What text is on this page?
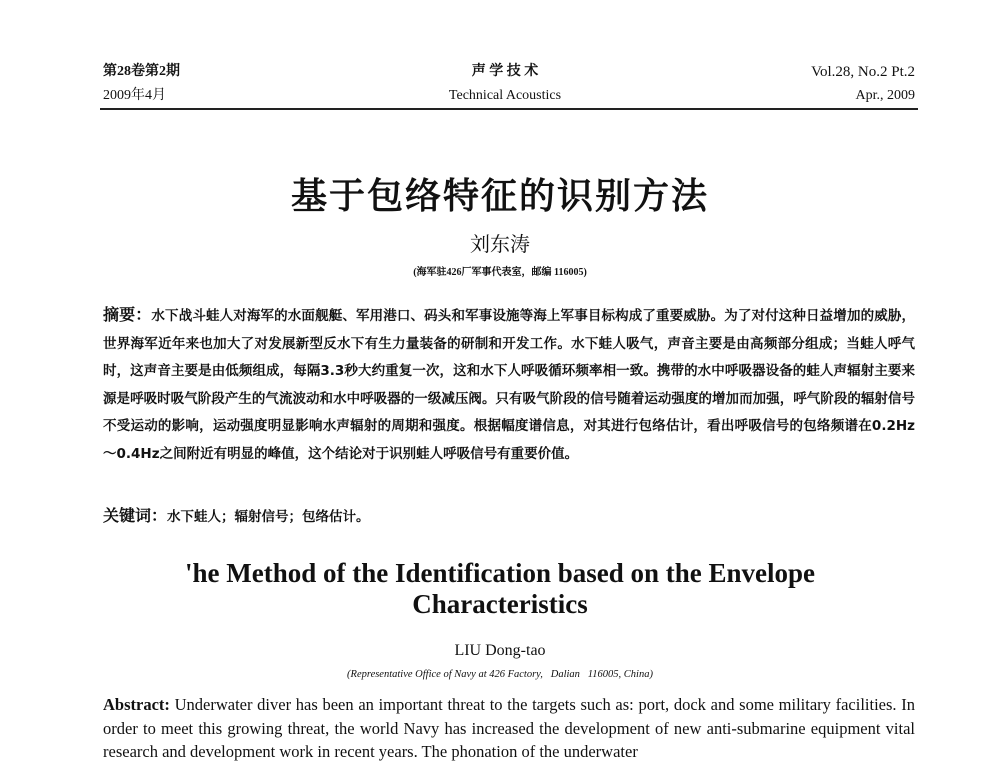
第28卷第2期
2009年4月
声 学 技 术
Technical Acoustics
Vol.28, No.2 Pt.2
Apr., 2009
基于包络特征的识别方法
刘东涛
(海军驻426厂军事代表室，邮编 116005)
摘要：水下战斗蛙人对海军的水面舰艇、军用港口、码头和军事设施等海上军事目标构成了重要威胁。为了对付这种日益增加的威胁，世界海军近年来也加大了对发展新型反水下有生力量装备的研制和开发工作。水下蛙人吸气，声音主要是由高频部分组成；当蛙人呼气时，这声音主要是由低频组成，每隔3.3秒大约重复一次，这和水下人呼吸循环频率相一致。携带的水中呼吸器设备的蛙人声辐射主要来源是呼吸时吸气阶段产生的气流波动和水中呼吸器的一级减压阀。只有吸气阶段的信号随着运动强度的增加而加强，呼气阶段的辐射信号不受运动的影响，运动强度明显影响水声辐射的周期和强度。根据幅度谱信息，对其进行包络估计，看出呼吸信号的包络频谱在0.2Hz～0.4Hz之间附近有明显的峰值，这个结论对于识别蛙人呼吸信号有重要价值。
关键词：水下蛙人；辐射信号；包络估计。
'he Method of the Identification based on the Envelope
Characteristics
LIU Dong-tao
(Representative Office of Navy at 426 Factory,   Dalian   116005, China)
Abstract: Underwater diver has been an important threat to the targets such as: port, dock and some military facilities. In order to meet this growing threat, the world Navy has increased the development of new anti-submarine equipment vital research and development work in recent years. The phonation of the underwater
